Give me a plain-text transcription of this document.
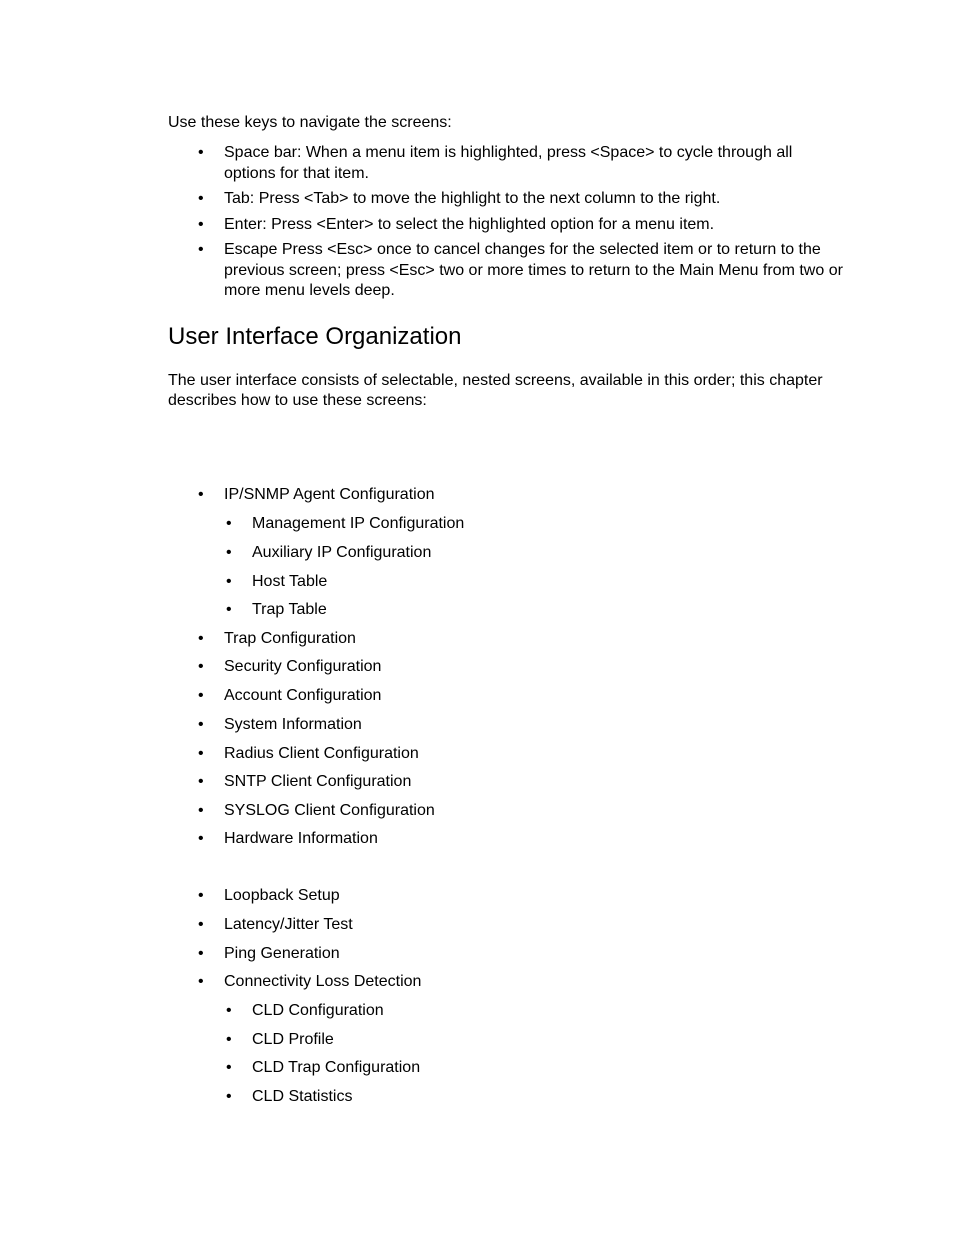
Use these keys to navigate the screens:

• Space bar: When a menu item is highlighted, press <Space> to cycle through all options for that item.
• Tab: Press <Tab> to move the highlight to the next column to the right.
• Enter: Press <Enter> to select the highlighted option for a menu item.
• Escape Press <Esc> once to cancel changes for the selected item or to return to the previous screen; press <Esc> two or more times to return to the Main Menu from two or more menu levels deep.
User Interface Organization

The user interface consists of selectable, nested screens, available in this order; this chapter describes how to use these screens:

• IP/SNMP Agent Configuration
• Management IP Configuration
• Auxiliary IP Configuration
• Host Table
• Trap Table
• Trap Configuration
• Security Configuration
• Account Configuration
• System Information
• Radius Client Configuration
• SNTP Client Configuration
• SYSLOG Client Configuration
• Hardware Information
• Loopback Setup
• Latency/Jitter Test
• Ping Generation
• Connectivity Loss Detection
• CLD Configuration
• CLD Profile
• CLD Trap Configuration
• CLD Statistics
